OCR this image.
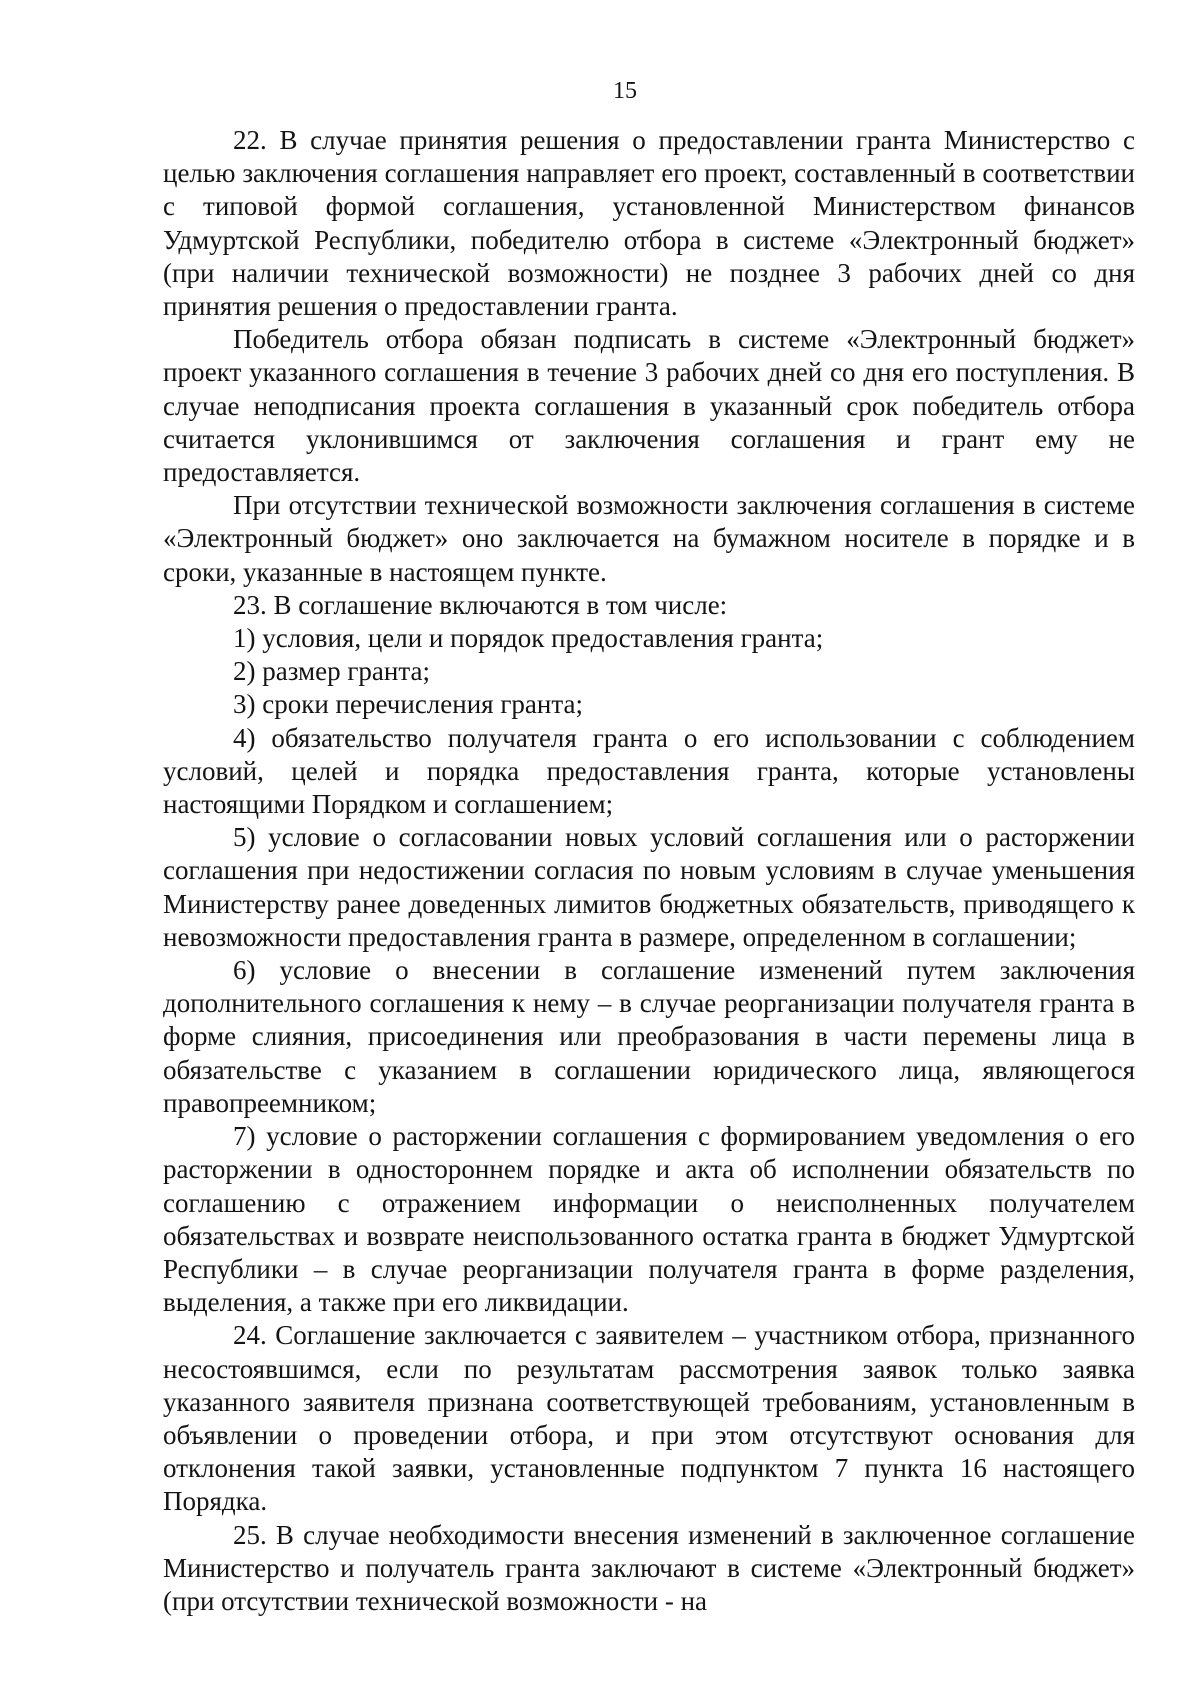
15

22. В случае принятия решения о предоставлении гранта Министерство с целью заключения соглашения направляет его проект, составленный в соответствии с типовой формой соглашения, установленной Министерством финансов Удмуртской Республики, победителю отбора в системе «Электронный бюджет» (при наличии технической возможности) не позднее 3 рабочих дней со дня принятия решения о предоставлении гранта.

Победитель отбора обязан подписать в системе «Электронный бюджет» проект указанного соглашения в течение 3 рабочих дней со дня его поступления. В случае неподписания проекта соглашения в указанный срок победитель отбора считается уклонившимся от заключения соглашения и грант ему не предоставляется.

При отсутствии технической возможности заключения соглашения в системе «Электронный бюджет» оно заключается на бумажном носителе в порядке и в сроки, указанные в настоящем пункте.

23. В соглашение включаются в том числе:

1) условия, цели и порядок предоставления гранта;

2) размер гранта;

3) сроки перечисления гранта;

4) обязательство получателя гранта о его использовании с соблюдением условий, целей и порядка предоставления гранта, которые установлены настоящими Порядком и соглашением;

5) условие о согласовании новых условий соглашения или о расторжении соглашения при недостижении согласия по новым условиям в случае уменьшения Министерству ранее доведенных лимитов бюджетных обязательств, приводящего к невозможности предоставления гранта в размере, определенном в соглашении;

6) условие о внесении в соглашение изменений путем заключения дополнительного соглашения к нему – в случае реорганизации получателя гранта в форме слияния, присоединения или преобразования в части перемены лица в обязательстве с указанием в соглашении юридического лица, являющегося правопреемником;

7) условие о расторжении соглашения с формированием уведомления о его расторжении в одностороннем порядке и акта об исполнении обязательств по соглашению с отражением информации о неисполненных получателем обязательствах и возврате неиспользованного остатка гранта в бюджет Удмуртской Республики – в случае реорганизации получателя гранта в форме разделения, выделения, а также при его ликвидации.

24. Соглашение заключается с заявителем – участником отбора, признанного несостоявшимся, если по результатам рассмотрения заявок только заявка указанного заявителя признана соответствующей требованиям, установленным в объявлении о проведении отбора, и при этом отсутствуют основания для отклонения такой заявки, установленные подпунктом 7 пункта 16 настоящего Порядка.

25. В случае необходимости внесения изменений в заключенное соглашение Министерство и получатель гранта заключают в системе «Электронный бюджет» (при отсутствии технической возможности - на
